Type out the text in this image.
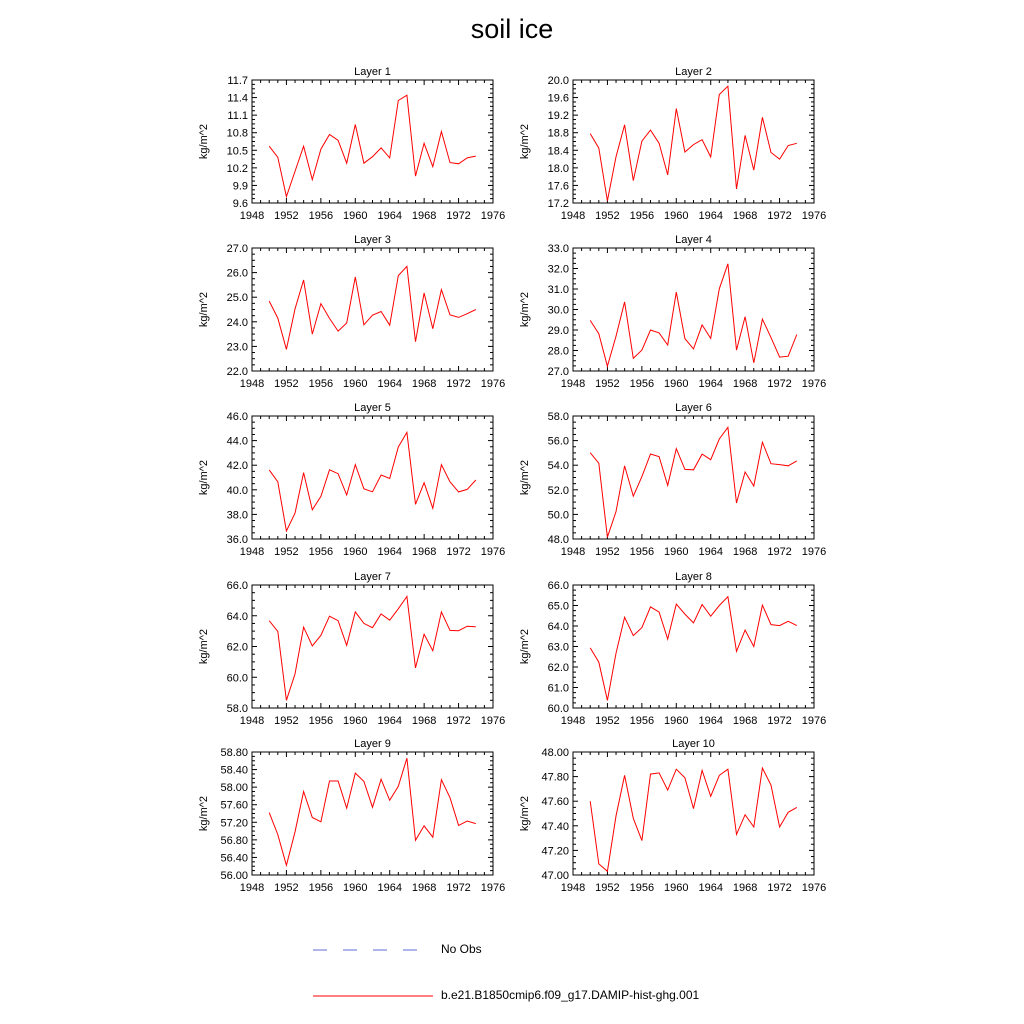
soil ice
Layer 1
kg/m^2
1948 1952 1956 1960 1964 1968 1972 1976
9.6
9.9
10.2
10.5
10.8
11.1
11.4
11.7
Layer 2
kg/m^2
1948 1952 1956 1960 1964 1968 1972 1976
17.2
17.6
18.0
18.4
18.8
19.2
19.6
20.0
Layer 3
kg/m^2
1948 1952 1956 1960 1964 1968 1972 1976
22.0
23.0
24.0
25.0
26.0
27.0
Layer 4
kg/m^2
1948 1952 1956 1960 1964 1968 1972 1976
27.0
28.0
29.0
30.0
31.0
32.0
33.0
Layer 5
kg/m^2
1948 1952 1956 1960 1964 1968 1972 1976
36.0
38.0
40.0
42.0
44.0
46.0
Layer 6
kg/m^2
1948 1952 1956 1960 1964 1968 1972 1976
48.0
50.0
52.0
54.0
56.0
58.0
Layer 7
kg/m^2
1948 1952 1956 1960 1964 1968 1972 1976
58.0
60.0
62.0
64.0
66.0
Layer 8
kg/m^2
1948 1952 1956 1960 1964 1968 1972 1976
60.0
61.0
62.0
63.0
64.0
65.0
66.0
Layer 9
kg/m^2
1948 1952 1956 1960 1964 1968 1972 1976
56.00
56.40
56.80
57.20
57.60
58.00
58.40
58.80
Layer 10
kg/m^2
1948 1952 1956 1960 1964 1968 1972 1976
47.00
47.20
47.40
47.60
47.80
48.00
No Obs
b.e21.B1850cmip6.f09_g17.DAMIP-hist-ghg.001
